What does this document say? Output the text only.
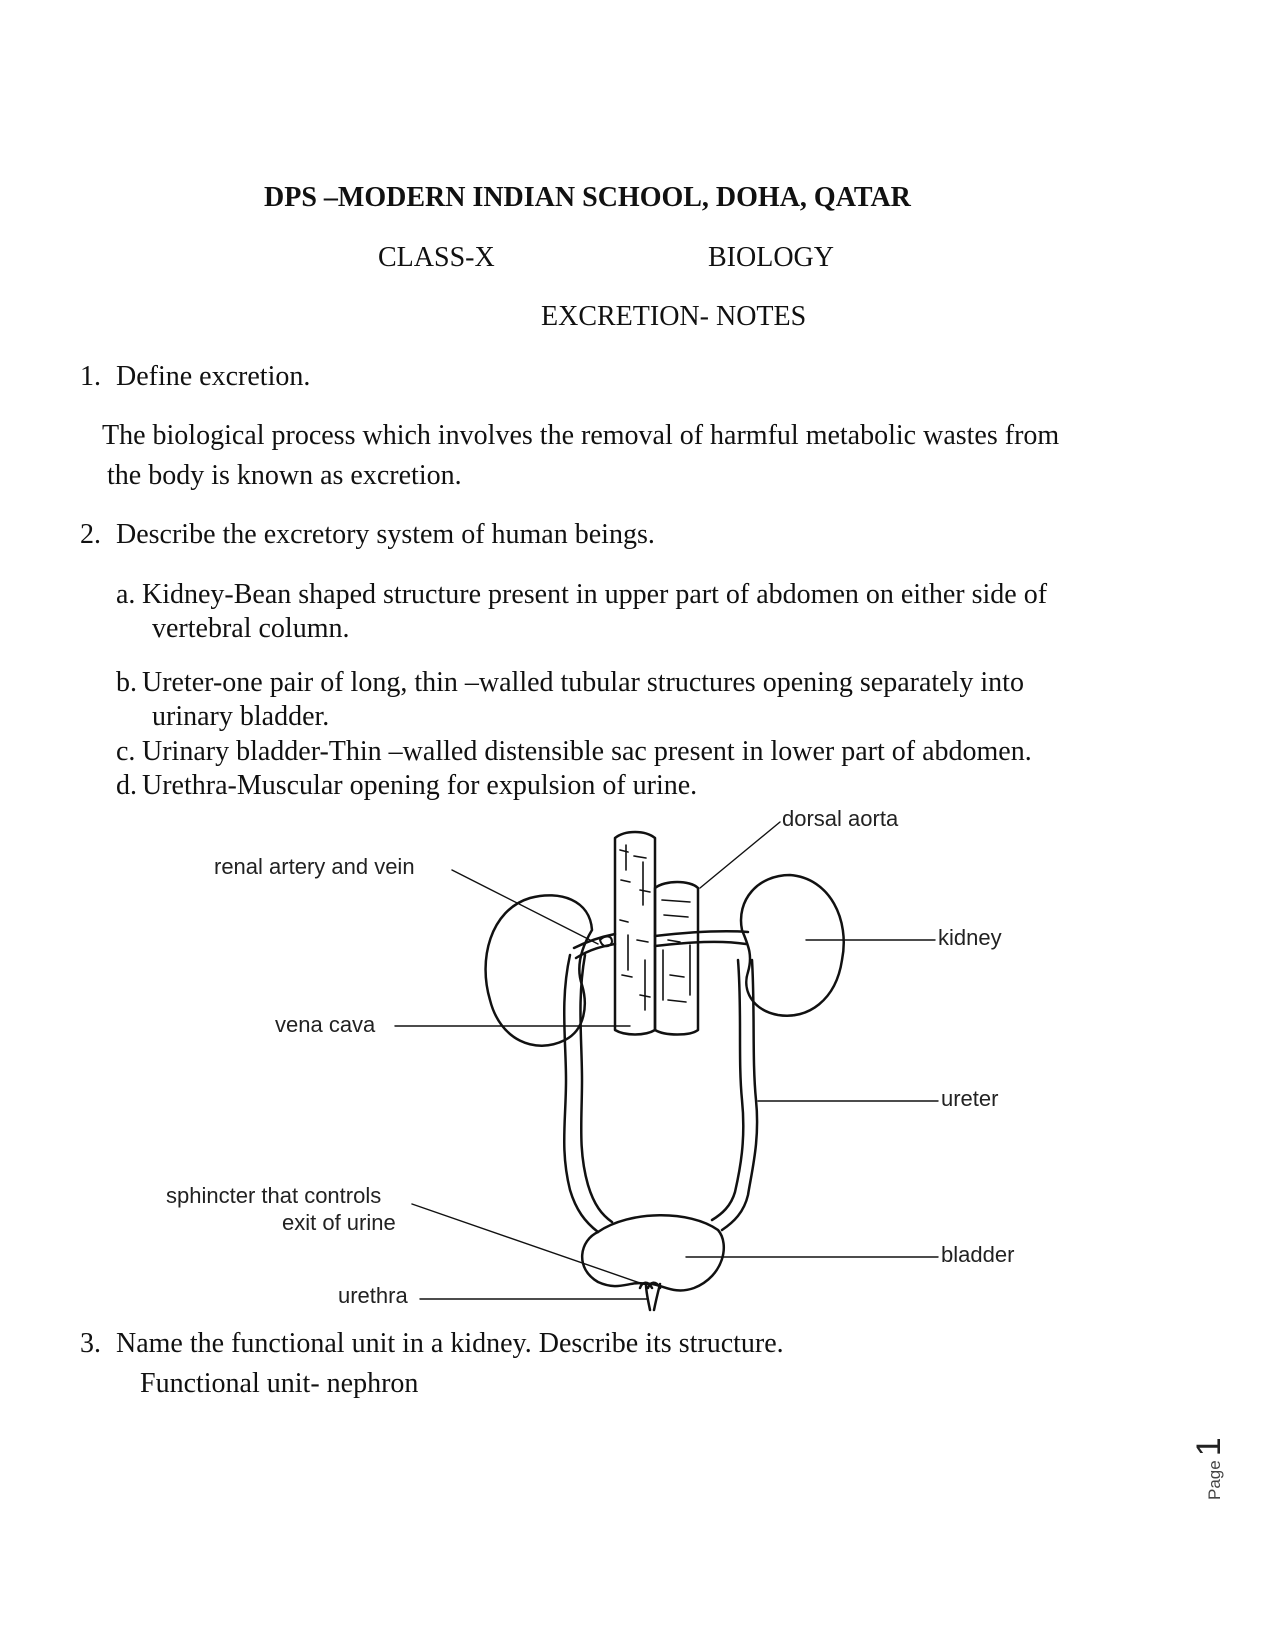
DPS –MODERN INDIAN SCHOOL, DOHA, QATAR
CLASS-X	BIOLOGY
EXCRETION- NOTES
1. Define excretion.
The biological process which involves the removal of harmful metabolic wastes from
the body is known as excretion.
2. Describe the excretory system of human beings.
a. Kidney-Bean shaped structure present in upper part of abdomen on either side of
vertebral column.
b. Ureter-one pair of long, thin –walled tubular structures opening separately into
urinary bladder.
c. Urinary bladder-Thin –walled distensible sac present in lower part of abdomen.
d. Urethra-Muscular opening for expulsion of urine.
dorsal aorta
renal artery and vein
kidney
vena cava
ureter
sphincter that controls
exit of urine
bladder
urethra
3. Name the functional unit in a kidney. Describe its structure.
Functional unit- nephron
Page 1
